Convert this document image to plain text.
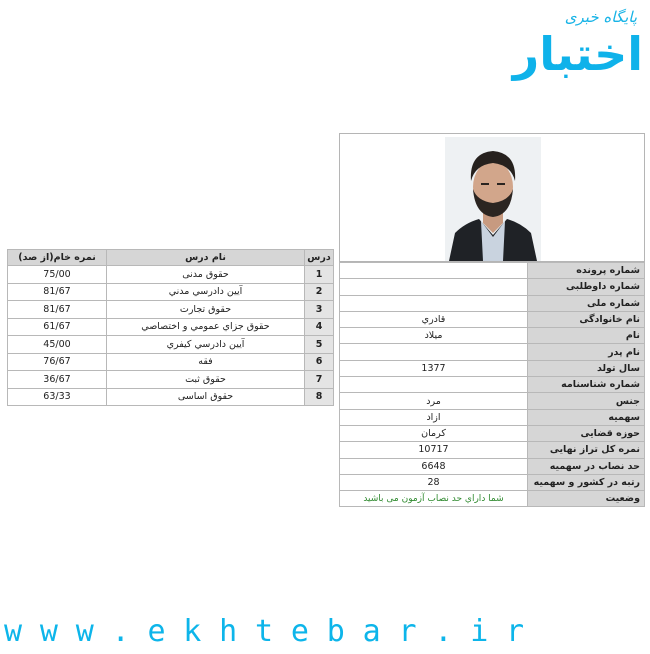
پایگاه خبری
اختبار
	شماره پرونده
	شماره داوطلبی
	شماره ملی
قادري	نام خانوادگی
میلاد	نام
	نام پدر
1377	سال تولد
	شماره شناسنامه
مرد	جنس
ازاد	سهمیه
کرمان	حوزه قضایی
10717	نمره کل تراز نهایی
6648	حد نصاب در سهمیه
28	رتبه در کشور و سهمیه
شما داراي حد نصاب آزمون می باشید	وضعیت
نمره خام(از صد)	نام درس	درس
75/00	حقوق مدنی	1
81/67	آيين دادرسي مدني	2
81/67	حقوق تجارت	3
61/67	حقوق جزاي عمومي و اختصاصي	4
45/00	آيين دادرسي كيفري	5
76/67	فقه	6
36/67	حقوق ثبت	7
63/33	حقوق اساسی	8
www.ekhtebar.ir
